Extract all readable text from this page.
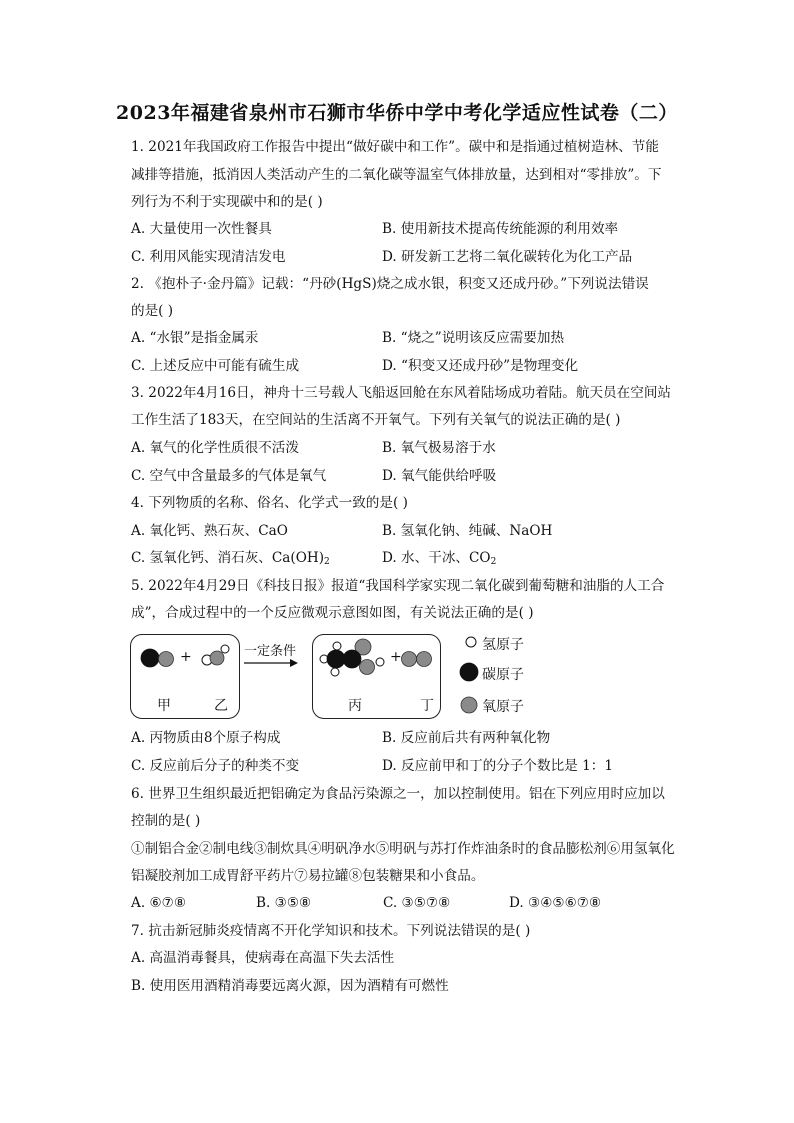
2023年福建省泉州市石狮市华侨中学中考化学适应性试卷（二）
1. 2021年我国政府工作报告中提出“做好碳中和工作”。碳中和是指通过植树造林、节能
减排等措施，抵消因人类活动产生的二氧化碳等温室气体排放量，达到相对“零排放”。下
列行为不利于实现碳中和的是( )
A. 大量使用一次性餐具	B. 使用新技术提高传统能源的利用效率
C. 利用风能实现清洁发电	D. 研发新工艺将二氧化碳转化为化工产品
2. 《抱朴子·金丹篇》记载：“丹砂(HgS)烧之成水银，积变又还成丹砂。”下列说法错误
的是( )
A. “水银”是指金属汞	B. “烧之”说明该反应需要加热
C. 上述反应中可能有硫生成	D. “积变又还成丹砂”是物理变化
3. 2022年4月16日，神舟十三号载人飞船返回舱在东风着陆场成功着陆。航天员在空间站
工作生活了183天，在空间站的生活离不开氧气。下列有关氧气的说法正确的是( )
A. 氧气的化学性质很不活泼	B. 氧气极易溶于水
C. 空气中含量最多的气体是氧气	D. 氧气能供给呼吸
4. 下列物质的名称、俗名、化学式一致的是( )
A. 氧化钙、熟石灰、CaO	B. 氢氧化钠、纯碱、NaOH
C. 氢氧化钙、消石灰、$Ca(OH)_2$	D. 水、干冰、$CO_2$
5. 2022年4月29日《科技日报》报道“我国科学家实现二氧化碳到葡萄糖和油脂的人工合
成”，合成过程中的一个反应微观示意图如图，有关说法正确的是( )
+	+
一定条件
甲	乙	丙	丁
氢原子
碳原子
氧原子
A. 丙物质由8个原子构成	B. 反应前后共有两种氧化物
C. 反应前后分子的种类不变	D. 反应前甲和丁的分子个数比是 1：1
6. 世界卫生组织最近把铝确定为食品污染源之一，加以控制使用。铝在下列应用时应加以
控制的是( )
①制铝合金②制电线③制炊具④明矾净水⑤明矾与苏打作炸油条时的食品膨松剂⑥用氢氧化
铝凝胶剂加工成胃舒平药片⑦易拉罐⑧包装糖果和小食品。
A. ⑥⑦⑧	B. ③⑤⑧	C. ③⑤⑦⑧	D. ③④⑤⑥⑦⑧
7. 抗击新冠肺炎疫情离不开化学知识和技术。下列说法错误的是( )
A. 高温消毒餐具，使病毒在高温下失去活性
B. 使用医用酒精消毒要远离火源，因为酒精有可燃性
